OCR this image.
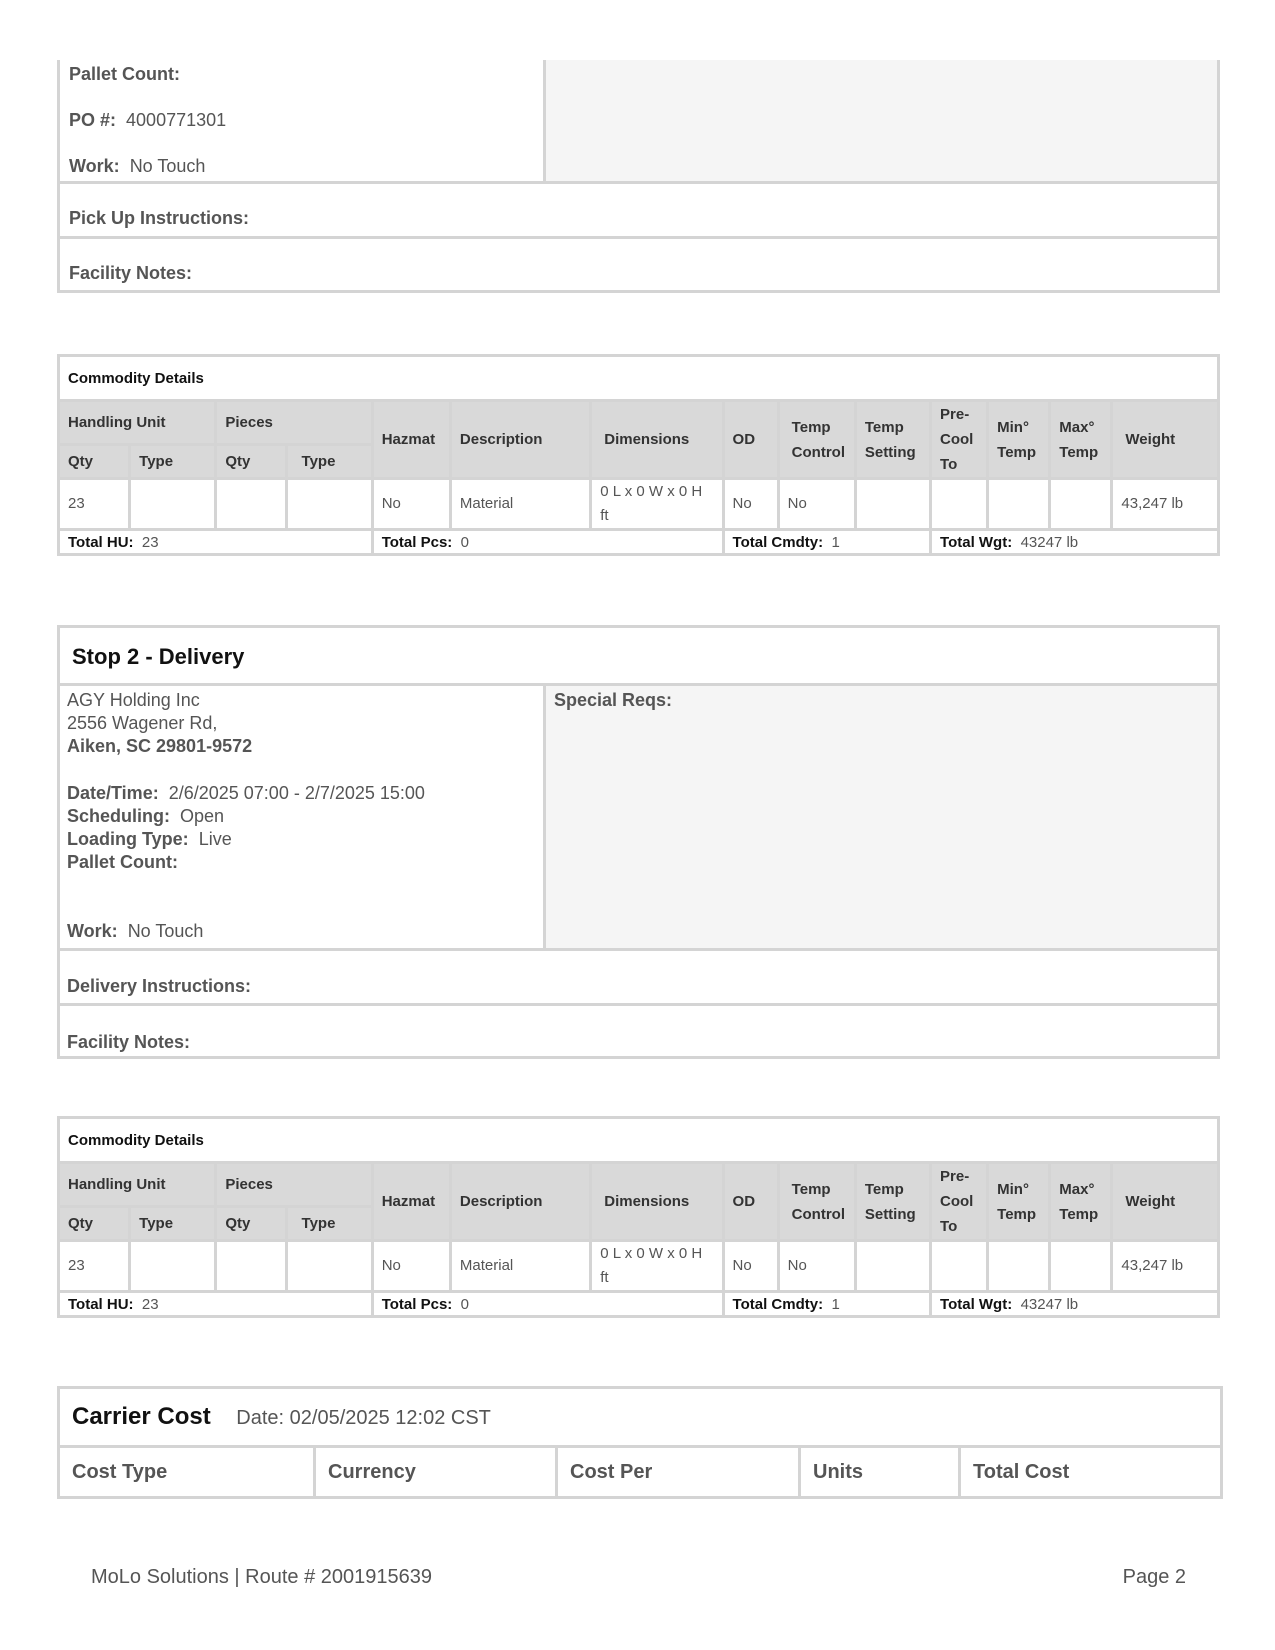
Pallet Count:
PO #: 4000771301
Work: No Touch
Pick Up Instructions:
Facility Notes:
Commodity Details													
Handling Unit		Pieces		Hazmat	Description	Dimensions	OD	Temp Control	Temp Setting	Pre-Cool To	Min° Temp	Max° Temp	Weight
Qty	Type	Qty	Type										
23				No	Material	0 L x 0 W x 0 H ft	No	No					43,247 lb
Total HU: 23				Total Pcs: 0			Total Cmdty: 1			Total Wgt: 43247 lb			
Stop 2 - Delivery
AGY Holding Inc
2556 Wagener Rd,
Aiken, SC 29801-9572
Date/Time: 2/6/2025 07:00 - 2/7/2025 15:00
Scheduling: Open
Loading Type: Live
Pallet Count:
Work: No Touch
Special Reqs:
Delivery Instructions:
Facility Notes:
Commodity Details													
Handling Unit		Pieces		Hazmat	Description	Dimensions	OD	Temp Control	Temp Setting	Pre-Cool To	Min° Temp	Max° Temp	Weight
Qty	Type	Qty	Type										
23				No	Material	0 L x 0 W x 0 H ft	No	No					43,247 lb
Total HU: 23				Total Pcs: 0			Total Cmdty: 1			Total Wgt: 43247 lb			
Carrier Cost Date: 02/05/2025 12:02 CST
Cost Type	Currency	Cost Per	Units	Total Cost
MoLo Solutions | Route # 2001915639	Page 2
